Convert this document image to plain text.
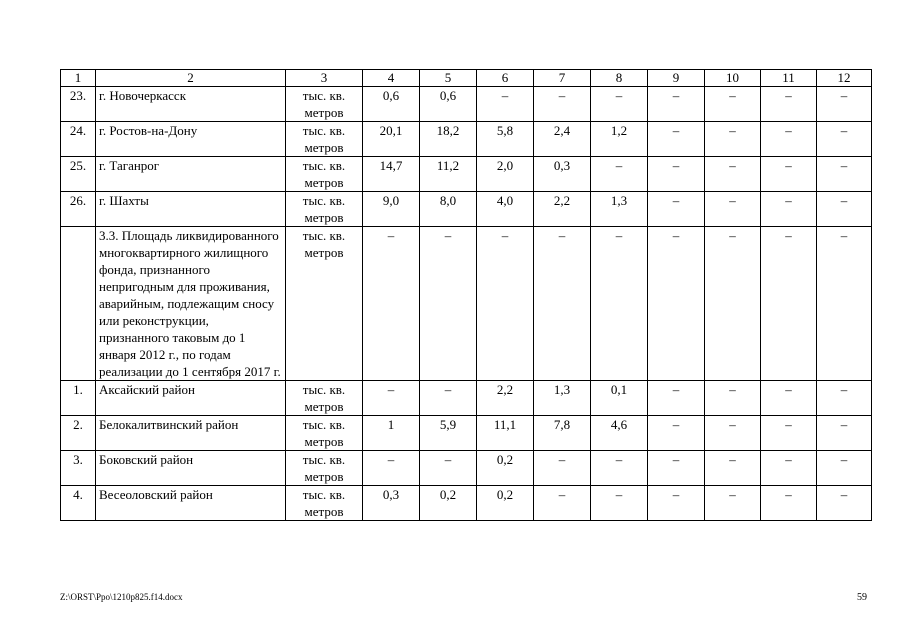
1	2	3	4	5	6	7	8	9	10	11	12
23.	г. Новочеркасск	тыс. кв. метров	0,6	0,6	–	–	–	–	–	–	–
24.	г. Ростов-на-Дону	тыс. кв. метров	20,1	18,2	5,8	2,4	1,2	–	–	–	–
25.	г. Таганрог	тыс. кв. метров	14,7	11,2	2,0	0,3	–	–	–	–	–
26.	г. Шахты	тыс. кв. метров	9,0	8,0	4,0	2,2	1,3	–	–	–	–
	3.3. Площадь ликвидированного многоквартирного жилищного фонда, признанного непригодным для проживания, аварийным, подлежащим сносу или реконструкции, признанного таковым до 1 января 2012 г., по годам реализации до 1 сентября 2017 г.	тыс. кв. метров	–	–	–	–	–	–	–	–	–
1.	Аксайский район	тыс. кв. метров	–	–	2,2	1,3	0,1	–	–	–	–
2.	Белокалитвинский район	тыс. кв. метров	1	5,9	11,1	7,8	4,6	–	–	–	–
3.	Боковский район	тыс. кв. метров	–	–	0,2	–	–	–	–	–	–
4.	Весеоловский район	тыс. кв. метров	0,3	0,2	0,2	–	–	–	–	–	–
Z:\ORST\Ppo\1210p825.f14.docx	59
